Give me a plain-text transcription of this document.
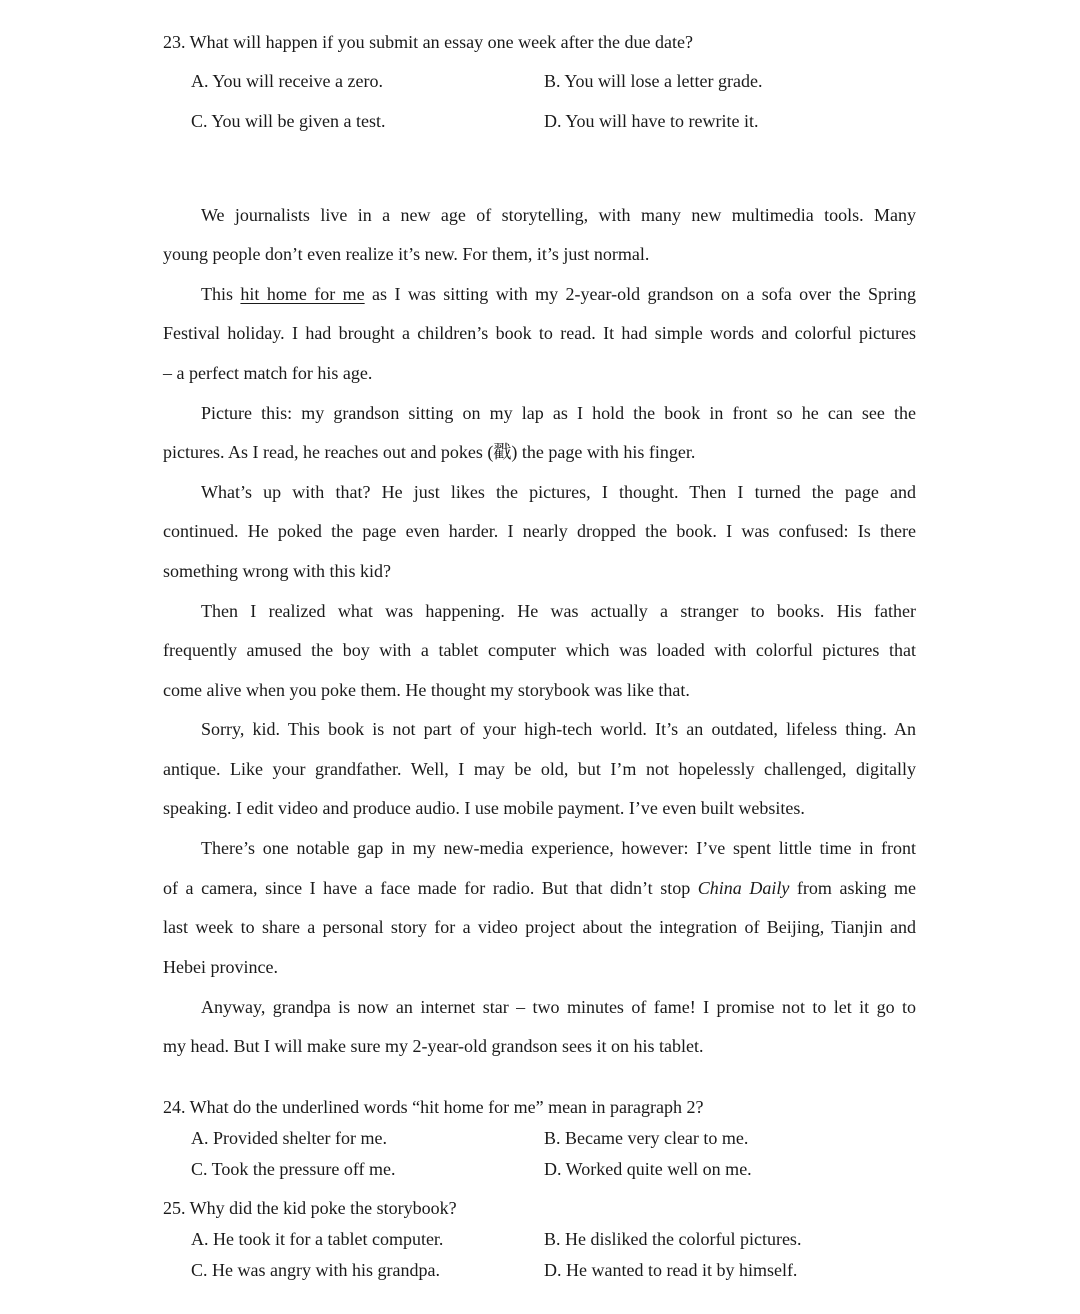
23. What will happen if you submit an essay one week after the due date?
A. You will receive a zero.	B. You will lose a letter grade.
C. You will be given a test.	D. You will have to rewrite it.
We journalists live in a new age of storytelling, with many new multimedia tools. Many
young people don’t even realize it’s new. For them, it’s just normal.
This hit home for me as I was sitting with my 2-year-old grandson on a sofa over the Spring
Festival holiday. I had brought a children’s book to read. It had simple words and colorful pictures
– a perfect match for his age.
Picture this: my grandson sitting on my lap as I hold the book in front so he can see the
pictures. As I read, he reaches out and pokes (戳) the page with his finger.
What’s up with that? He just likes the pictures, I thought. Then I turned the page and
continued. He poked the page even harder. I nearly dropped the book. I was confused: Is there
something wrong with this kid?
Then I realized what was happening. He was actually a stranger to books. His father
frequently amused the boy with a tablet computer which was loaded with colorful pictures that
come alive when you poke them. He thought my storybook was like that.
Sorry, kid. This book is not part of your high-tech world. It’s an outdated, lifeless thing. An
antique. Like your grandfather. Well, I may be old, but I’m not hopelessly challenged, digitally
speaking. I edit video and produce audio. I use mobile payment. I’ve even built websites.
There’s one notable gap in my new-media experience, however: I’ve spent little time in front
of a camera, since I have a face made for radio. But that didn’t stop China Daily from asking me
last week to share a personal story for a video project about the integration of Beijing, Tianjin and
Hebei province.
Anyway, grandpa is now an internet star – two minutes of fame! I promise not to let it go to
my head. But I will make sure my 2-year-old grandson sees it on his tablet.
24. What do the underlined words “hit home for me” mean in paragraph 2?
A. Provided shelter for me.	B. Became very clear to me.
C. Took the pressure off me.	D. Worked quite well on me.
25. Why did the kid poke the storybook?
A. He took it for a tablet computer.	B. He disliked the colorful pictures.
C. He was angry with his grandpa.	D. He wanted to read it by himself.
